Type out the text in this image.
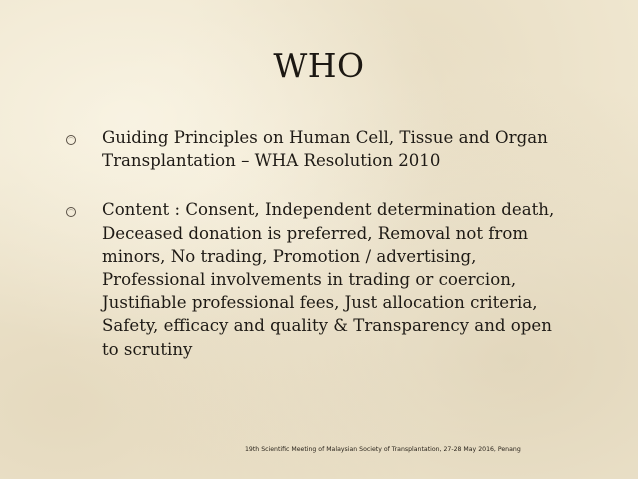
WHO
Guiding Principles on Human Cell, Tissue and Organ
Transplantation – WHA Resolution 2010
Content : Consent, Independent determination death,
Deceased donation is preferred, Removal not from
minors, No trading, Promotion / advertising,
Professional involvements in trading or coercion,
Justifiable professional fees, Just allocation criteria,
Safety, efficacy and quality & Transparency and open
to scrutiny
19th Scientific Meeting of Malaysian Society of Transplantation, 27-28 May 2016, Penang
